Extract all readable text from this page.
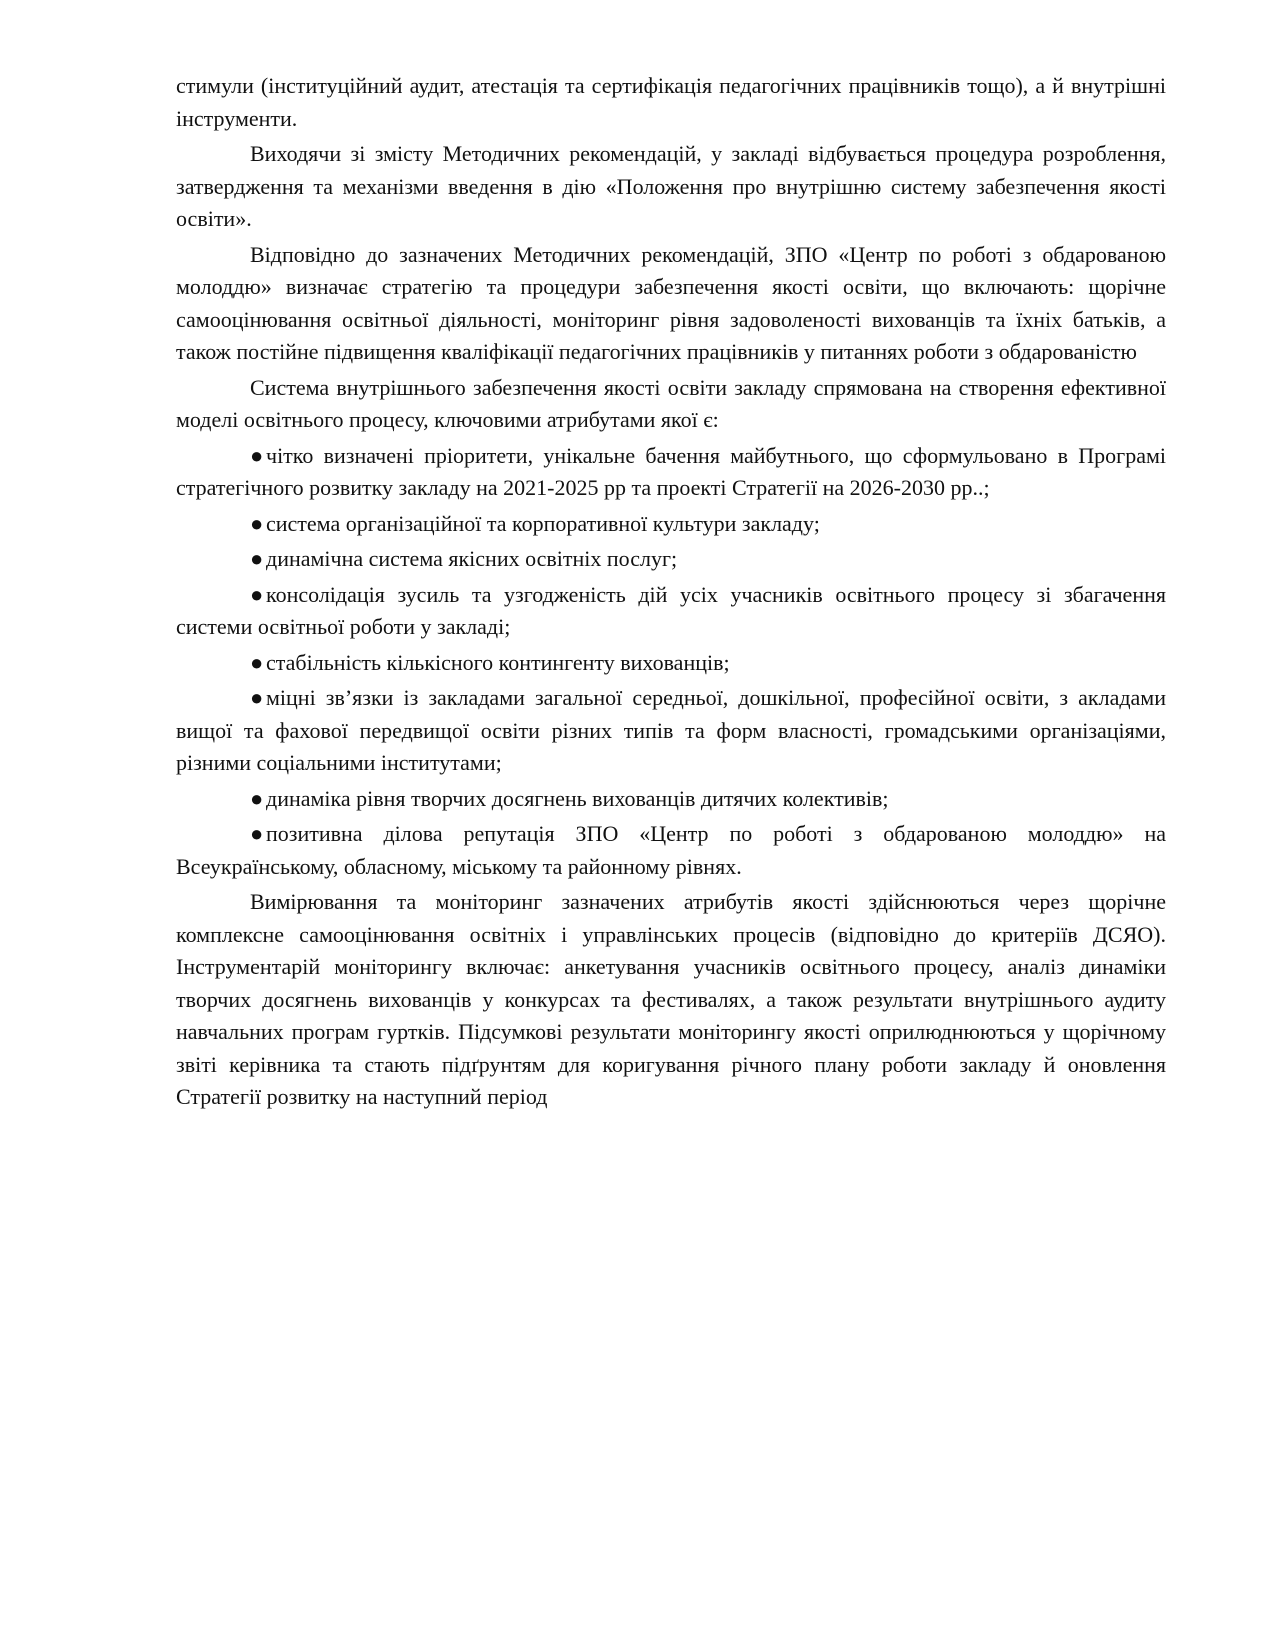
стимули (інституційний аудит, атестація та сертифікація педагогічних працівників тощо), а й внутрішні інструменти.

Виходячи зі змісту Методичних рекомендацій, у закладі відбувається процедура розроблення, затвердження та механізми введення в дію «Положення про внутрішню систему забезпечення якості освіти».

Відповідно до зазначених Методичних рекомендацій, ЗПО «Центр по роботі з обдарованою молоддю» визначає стратегію та процедури забезпечення якості освіти, що включають: щорічне самооцінювання освітньої діяльності, моніторинг рівня задоволеності вихованців та їхніх батьків, а також постійне підвищення кваліфікації педагогічних працівників у питаннях роботи з обдарованістю

Система внутрішнього забезпечення якості освіти закладу спрямована на створення ефективної моделі освітнього процесу, ключовими атрибутами якої є:

● чітко визначені пріоритети, унікальне бачення майбутнього, що сформульовано в Програмі стратегічного розвитку закладу на 2021-2025 рр та проекті Стратегії на 2026-2030 рр..;

● система організаційної та корпоративної культури закладу;

● динамічна система якісних освітніх послуг;

● консолідація зусиль та узгодженість дій усіх учасників освітнього процесу зі збагачення системи освітньої роботи у закладі;

● стабільність кількісного контингенту вихованців;

● міцні зв’язки із закладами загальної середньої, дошкільної, професійної освіти, з акладами вищої та фахової передвищої освіти різних типів та форм власності, громадськими організаціями, різними соціальними інститутами;

● динаміка рівня творчих досягнень вихованців дитячих колективів;

● позитивна ділова репутація ЗПО «Центр по роботі з обдарованою молоддю» на Всеукраїнському, обласному, міському та районному рівнях.

Вимірювання та моніторинг зазначених атрибутів якості здійснюються через щорічне комплексне самооцінювання освітніх і управлінських процесів (відповідно до критеріїв ДСЯО). Інструментарій моніторингу включає: анкетування учасників освітнього процесу, аналіз динаміки творчих досягнень вихованців у конкурсах та фестивалях, а також результати внутрішнього аудиту навчальних програм гуртків. Підсумкові результати моніторингу якості оприлюднюються у щорічному звіті керівника та стають підґрунтям для коригування річного плану роботи закладу й оновлення Стратегії розвитку на наступний період
